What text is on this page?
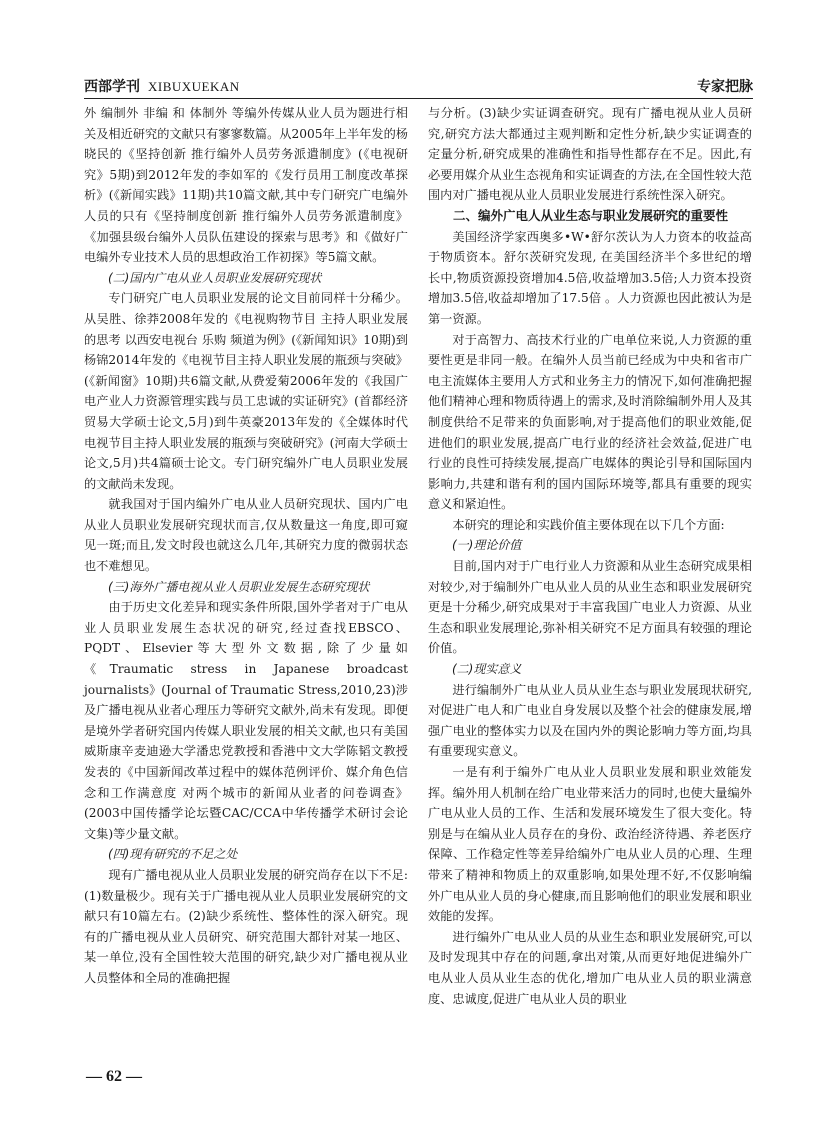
西部学刊 XIBUXUEKAN	专家把脉

外 编制外 非编 和 体制外 等编外传媒从业人员为题进行相关及相近研究的文献只有寥寥数篇。从2005年上半年发的杨晓民的《坚持创新 推行编外人员劳务派遣制度》(《电视研究》5期)到2012年发的李如军的《发行员用工制度改革探析》(《新闻实践》11期)共10篇文献,其中专门研究广电编外人员的只有《坚持制度创新 推行编外人员劳务派遣制度》《加强县级台编外人员队伍建设的探索与思考》和《做好广电编外专业技术人员的思想政治工作初探》等5篇文献。

(二)国内广电从业人员职业发展研究现状

专门研究广电人员职业发展的论文目前同样十分稀少。从吴胜、徐莽2008年发的《电视购物节目 主持人职业发展的思考 以西安电视台 乐购 频道为例》(《新闻知识》10期)到杨锦2014年发的《电视节目主持人职业发展的瓶颈与突破》(《新闻窗》10期)共6篇文献,从费爱菊2006年发的《我国广电产业人力资源管理实践与员工忠诚的实证研究》(首都经济贸易大学硕士论文,5月)到牛英豪2013年发的《全媒体时代电视节目主持人职业发展的瓶颈与突破研究》(河南大学硕士论文,5月)共4篇硕士论文。专门研究编外广电人员职业发展的文献尚未发现。

就我国对于国内编外广电从业人员研究现状、国内广电从业人员职业发展研究现状而言,仅从数量这一角度,即可窥见一斑;而且,发文时段也就这么几年,其研究力度的微弱状态也不难想见。

(三)海外广播电视从业人员职业发展生态研究现状

由于历史文化差异和现实条件所限,国外学者对于广电从业人员职业发展生态状况的研究,经过查找EBSCO、PQDT、Elsevier等大型外文数据,除了少量如《Traumatic stress in Japanese broadcast journalists》(Journal of Traumatic Stress,2010,23)涉及广播电视从业者心理压力等研究文献外,尚未有发现。即便是境外学者研究国内传媒人职业发展的相关文献,也只有美国威斯康辛麦迪逊大学潘忠党教授和香港中文大学陈韬文教授发表的《中国新闻改革过程中的媒体范例评价、媒介角色信念和工作满意度 对两个城市的新闻从业者的问卷调查》(2003中国传播学论坛暨CAC/CCA中华传播学术研讨会论文集)等少量文献。

(四)现有研究的不足之处

现有广播电视从业人员职业发展的研究尚存在以下不足:(1)数量极少。现有关于广播电视从业人员职业发展研究的文献只有10篇左右。(2)缺少系统性、整体性的深入研究。现有的广播电视从业人员研究、研究范围大都针对某一地区、某一单位,没有全国性较大范围的研究,缺少对广播电视从业人员整体和全局的准确把握

与分析。(3)缺少实证调查研究。现有广播电视从业人员研究,研究方法大都通过主观判断和定性分析,缺少实证调查的定量分析,研究成果的准确性和指导性都存在不足。因此,有必要用媒介从业生态视角和实证调查的方法,在全国性较大范围内对广播电视从业人员职业发展进行系统性深入研究。

二、编外广电人从业生态与职业发展研究的重要性

美国经济学家西奥多•W•舒尔茨认为人力资本的收益高于物质资本。舒尔茨研究发现, 在美国经济半个多世纪的增长中,物质资源投资增加4.5倍,收益增加3.5倍;人力资本投资增加3.5倍,收益却增加了17.5倍 。人力资源也因此被认为是第一资源。

对于高智力、高技术行业的广电单位来说,人力资源的重要性更是非同一般。在编外人员当前已经成为中央和省市广电主流媒体主要用人方式和业务主力的情况下,如何准确把握他们精神心理和物质待遇上的需求,及时消除编制外用人及其制度供给不足带来的负面影响,对于提高他们的职业效能,促进他们的职业发展,提高广电行业的经济社会效益,促进广电行业的良性可持续发展,提高广电媒体的舆论引导和国际国内影响力,共建和谐有利的国内国际环境等,都具有重要的现实意义和紧迫性。

本研究的理论和实践价值主要体现在以下几个方面:

(一)理论价值

目前,国内对于广电行业人力资源和从业生态研究成果相对较少,对于编制外广电从业人员的从业生态和职业发展研究更是十分稀少,研究成果对于丰富我国广电业人力资源、从业生态和职业发展理论,弥补相关研究不足方面具有较强的理论价值。

(二)现实意义

进行编制外广电从业人员从业生态与职业发展现状研究,对促进广电人和广电业自身发展以及整个社会的健康发展,增强广电业的整体实力以及在国内外的舆论影响力等方面,均具有重要现实意义。

一是有利于编外广电从业人员职业发展和职业效能发挥。编外用人机制在给广电业带来活力的同时,也使大量编外广电从业人员的工作、生活和发展环境发生了很大变化。特别是与在编从业人员存在的身份、政治经济待遇、养老医疗保障、工作稳定性等差异给编外广电从业人员的心理、生理带来了精神和物质上的双重影响,如果处理不好,不仅影响编外广电从业人员的身心健康,而且影响他们的职业发展和职业效能的发挥。

进行编外广电从业人员的从业生态和职业发展研究,可以及时发现其中存在的问题,拿出对策,从而更好地促进编外广电从业人员从业生态的优化,增加广电从业人员的职业满意度、忠诚度,促进广电从业人员的职业

— 62 —
